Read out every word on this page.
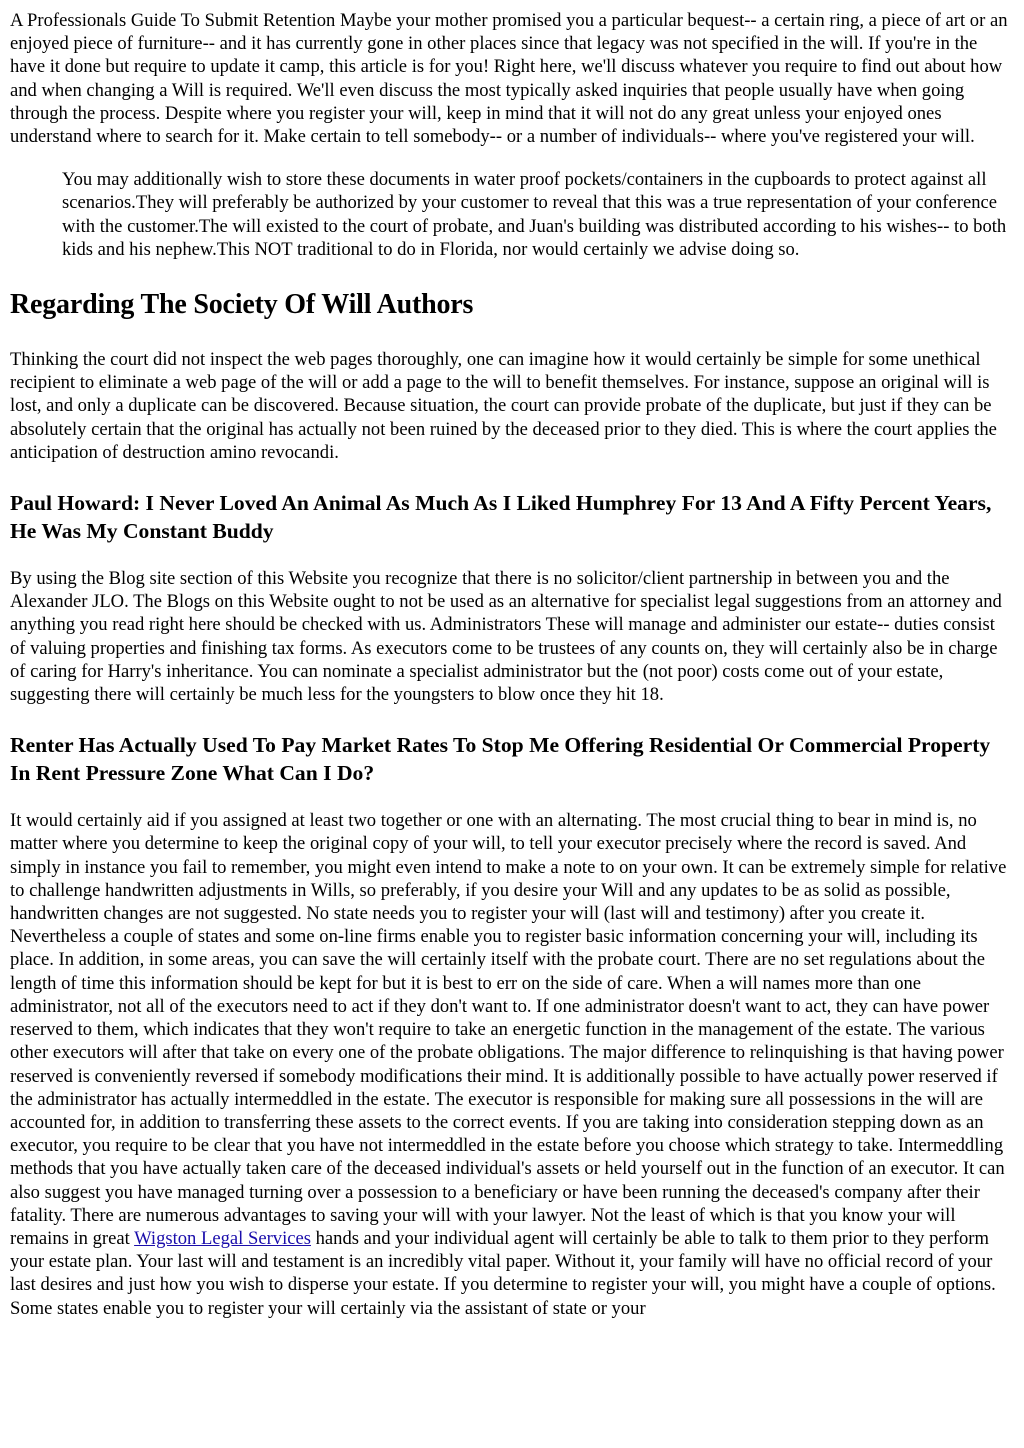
A Professionals Guide To Submit Retention Maybe your mother promised you a particular bequest-- a certain ring, a piece of art or an enjoyed piece of furniture-- and it has currently gone in other places since that legacy was not specified in the will. If you're in the have it done but require to update it camp, this article is for you! Right here, we'll discuss whatever you require to find out about how and when changing a Will is required. We'll even discuss the most typically asked inquiries that people usually have when going through the process. Despite where you register your will, keep in mind that it will not do any great unless your enjoyed ones understand where to search for it. Make certain to tell somebody-- or a number of individuals-- where you've registered your will.

You may additionally wish to store these documents in water proof pockets/containers in the cupboards to protect against all scenarios.They will preferably be authorized by your customer to reveal that this was a true representation of your conference with the customer.The will existed to the court of probate, and Juan's building was distributed according to his wishes-- to both kids and his nephew.This NOT traditional to do in Florida, nor would certainly we advise doing so.

Regarding The Society Of Will Authors

Thinking the court did not inspect the web pages thoroughly, one can imagine how it would certainly be simple for some unethical recipient to eliminate a web page of the will or add a page to the will to benefit themselves. For instance, suppose an original will is lost, and only a duplicate can be discovered. Because situation, the court can provide probate of the duplicate, but just if they can be absolutely certain that the original has actually not been ruined by the deceased prior to they died. This is where the court applies the anticipation of destruction amino revocandi.

Paul Howard: I Never Loved An Animal As Much As I Liked Humphrey For 13 And A Fifty Percent Years, He Was My Constant Buddy

By using the Blog site section of this Website you recognize that there is no solicitor/client partnership in between you and the Alexander JLO. The Blogs on this Website ought to not be used as an alternative for specialist legal suggestions from an attorney and anything you read right here should be checked with us. Administrators These will manage and administer our estate-- duties consist of valuing properties and finishing tax forms. As executors come to be trustees of any counts on, they will certainly also be in charge of caring for Harry's inheritance. You can nominate a specialist administrator but the (not poor) costs come out of your estate, suggesting there will certainly be much less for the youngsters to blow once they hit 18.

Renter Has Actually Used To Pay Market Rates To Stop Me Offering Residential Or Commercial Property In Rent Pressure Zone What Can I Do?

It would certainly aid if you assigned at least two together or one with an alternating. The most crucial thing to bear in mind is, no matter where you determine to keep the original copy of your will, to tell your executor precisely where the record is saved. And simply in instance you fail to remember, you might even intend to make a note to on your own. It can be extremely simple for relative to challenge handwritten adjustments in Wills, so preferably, if you desire your Will and any updates to be as solid as possible, handwritten changes are not suggested. No state needs you to register your will (last will and testimony) after you create it. Nevertheless a couple of states and some on-line firms enable you to register basic information concerning your will, including its place. In addition, in some areas, you can save the will certainly itself with the probate court. There are no set regulations about the length of time this information should be kept for but it is best to err on the side of care. When a will names more than one administrator, not all of the executors need to act if they don't want to. If one administrator doesn't want to act, they can have power reserved to them, which indicates that they won't require to take an energetic function in the management of the estate. The various other executors will after that take on every one of the probate obligations. The major difference to relinquishing is that having power reserved is conveniently reversed if somebody modifications their mind. It is additionally possible to have actually power reserved if the administrator has actually intermeddled in the estate. The executor is responsible for making sure all possessions in the will are accounted for, in addition to transferring these assets to the correct events. If you are taking into consideration stepping down as an executor, you require to be clear that you have not intermeddled in the estate before you choose which strategy to take. Intermeddling methods that you have actually taken care of the deceased individual's assets or held yourself out in the function of an executor. It can also suggest you have managed turning over a possession to a beneficiary or have been running the deceased's company after their fatality. There are numerous advantages to saving your will with your lawyer. Not the least of which is that you know your will remains in great Wigston Legal Services hands and your individual agent will certainly be able to talk to them prior to they perform your estate plan. Your last will and testament is an incredibly vital paper. Without it, your family will have no official record of your last desires and just how you wish to disperse your estate. If you determine to register your will, you might have a couple of options. Some states enable you to register your will certainly via the assistant of state or your
